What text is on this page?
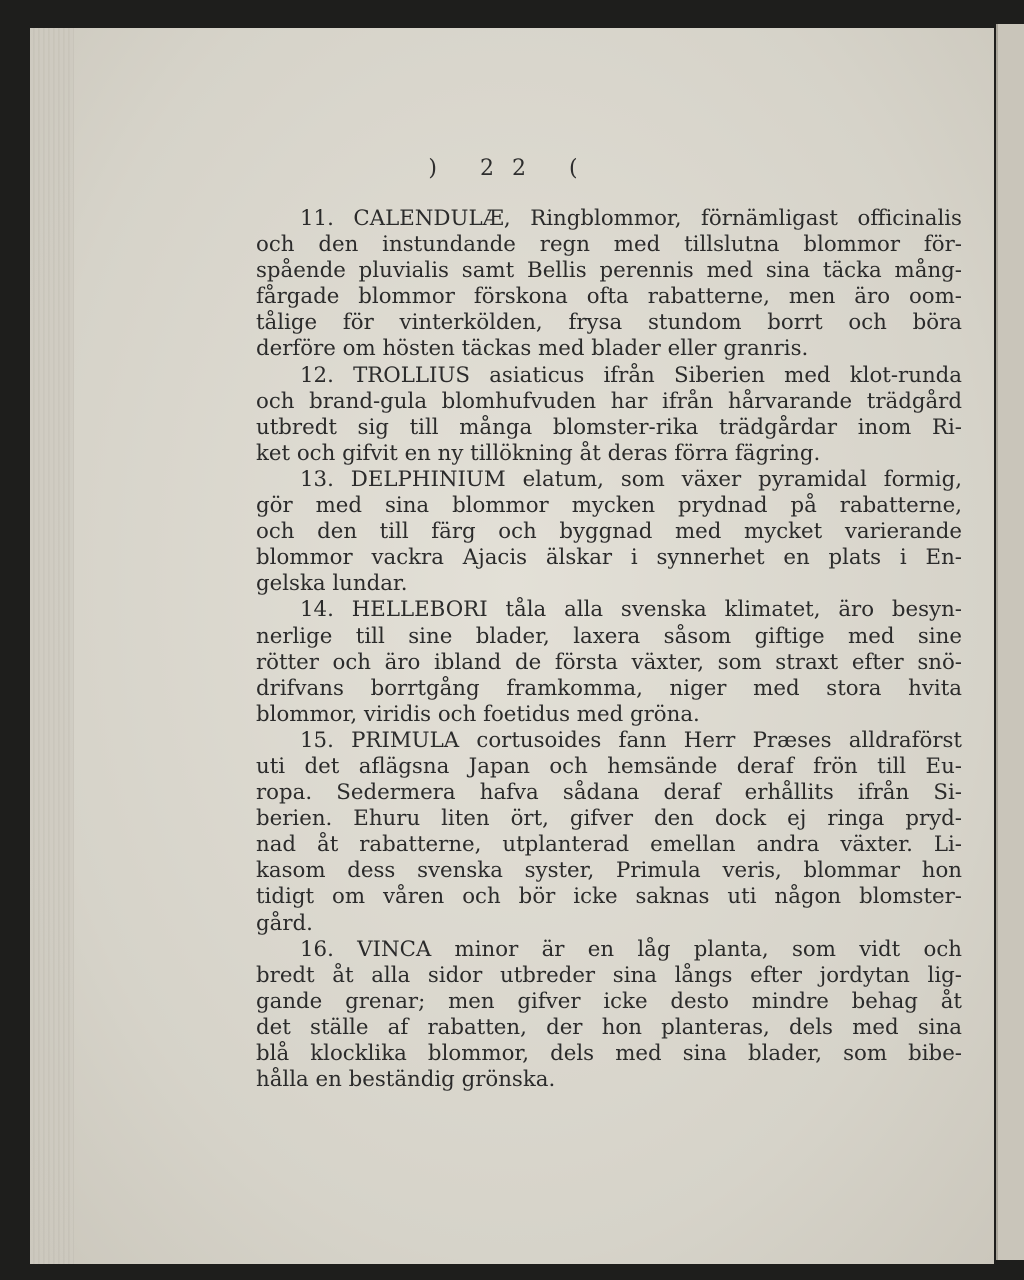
) 22 (
11. CALENDULÆ, Ringblommor, förnämligast officinalis
och den instundande regn med tillslutna blommor för-
spående pluvialis samt Bellis perennis med sina täcka mång-
fårgade blommor förskona ofta rabatterne, men äro oom-
tålige för vinterkölden, frysa stundom borrt och böra
derföre om hösten täckas med blader eller granris.
12. TROLLIUS asiaticus ifrån Siberien med klot-runda
och brand-gula blomhufvuden har ifrån hårvarande trädgård
utbredt sig till många blomster-rika trädgårdar inom Ri-
ket och gifvit en ny tillökning åt deras förra fägring.
13. DELPHINIUM elatum, som växer pyramidal formig,
gör med sina blommor mycken prydnad på rabatterne,
och den till färg och byggnad med mycket varierande
blommor vackra Ajacis älskar i synnerhet en plats i En-
gelska lundar.
14. HELLEBORI tåla alla svenska klimatet, äro besyn-
nerlige till sine blader, laxera såsom giftige med sine
rötter och äro ibland de första växter, som straxt efter snö-
drifvans borrtgång framkomma, niger med stora hvita
blommor, viridis och foetidus med gröna.
15. PRIMULA cortusoides fann Herr Præses alldraförst
uti det aflägsna Japan och hemsände deraf frön till Eu-
ropa. Sedermera hafva sådana deraf erhållits ifrån Si-
berien. Ehuru liten ört, gifver den dock ej ringa pryd-
nad åt rabatterne, utplanterad emellan andra växter. Li-
kasom dess svenska syster, Primula veris, blommar hon
tidigt om våren och bör icke saknas uti någon blomster-
gård.
16. VINCA minor är en låg planta, som vidt och
bredt åt alla sidor utbreder sina långs efter jordytan lig-
gande grenar; men gifver icke desto mindre behag åt
det ställe af rabatten, der hon planteras, dels med sina
blå klocklika blommor, dels med sina blader, som bibe-
hålla en beständig grönska.
